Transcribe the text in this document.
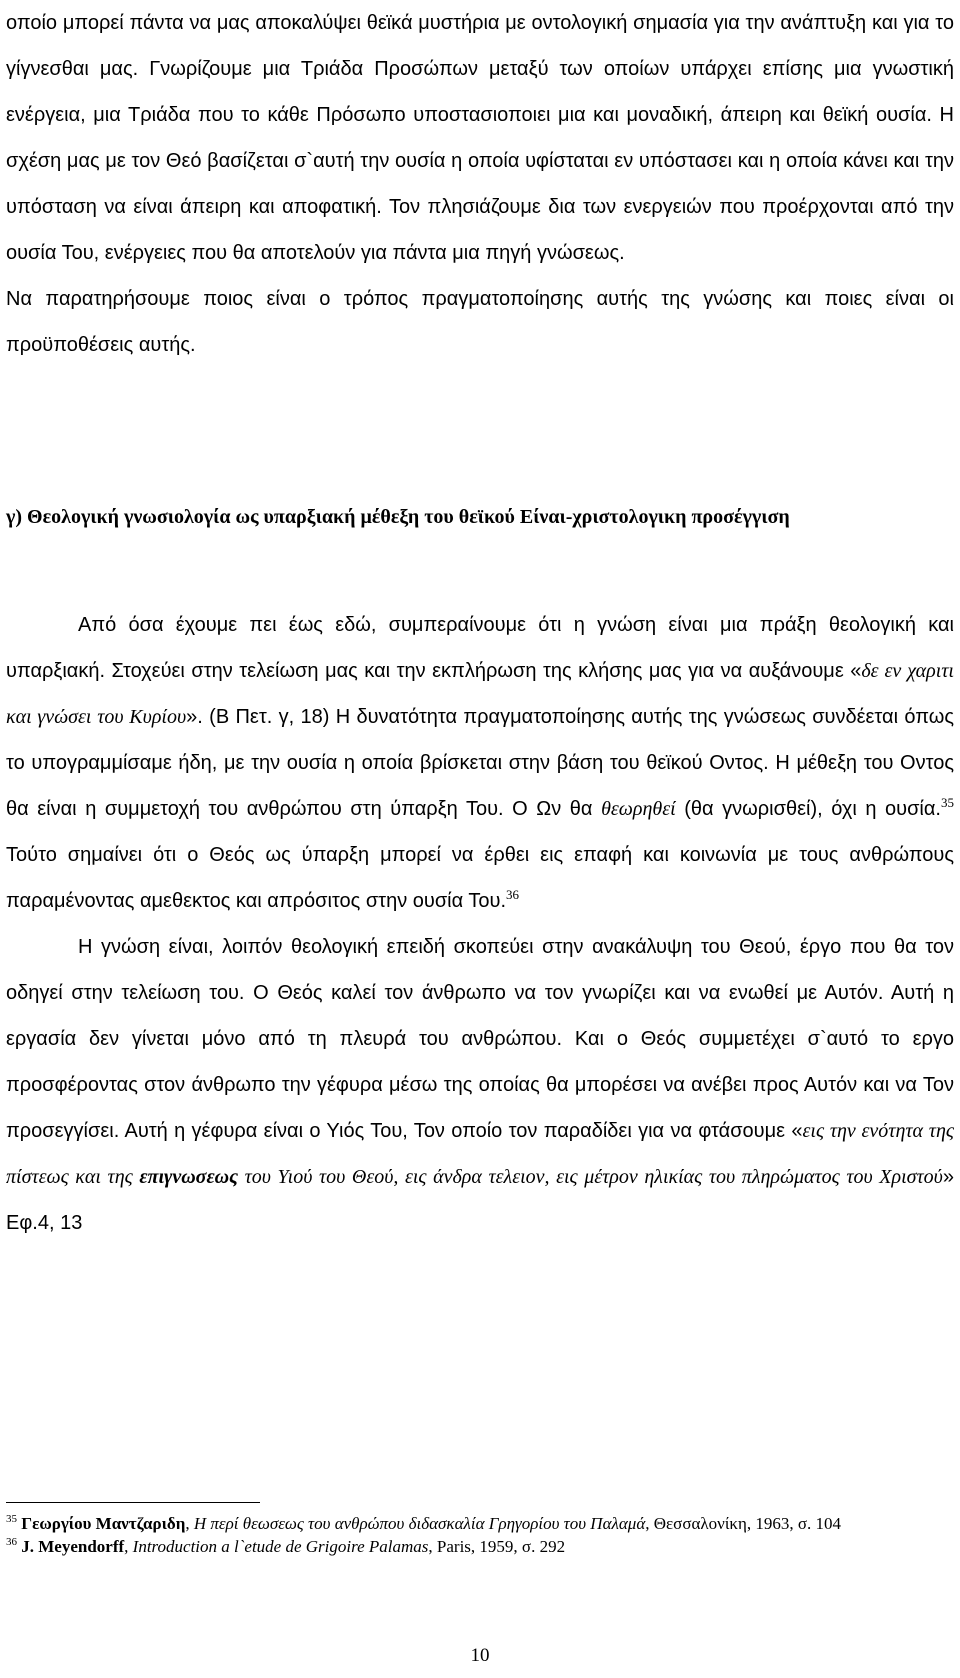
οποίο μπορεί πάντα να μας αποκαλύψει θεϊκά μυστήρια με οντολογική σημασία για την ανάπτυξη και για το γίγνεσθαι μας. Γνωρίζουμε μια Τριάδα Προσώπων μεταξύ των οποίων υπάρχει επίσης μια γνωστική ενέργεια, μια Τριάδα που το κάθε Πρόσωπο υποστασιοποιει μια και μοναδική, άπειρη και θεϊκή ουσία. Η σχέση μας με τον Θεό βασίζεται σ`αυτή την ουσία η οποία υφίσταται εν υπόστασει και η οποία κάνει και την υπόσταση να είναι άπειρη και αποφατική. Τον πλησιάζουμε δια των ενεργειών που προέρχονται από την ουσία Του, ενέργειες που θα αποτελούν για πάντα μια πηγή γνώσεως.
Να παρατηρήσουμε ποιος είναι ο τρόπος πραγματοποίησης αυτής της γνώσης και ποιες είναι οι προϋποθέσεις αυτής.
γ) Θεολογική γνωσιολογία ως υπαρξιακή μέθεξη του θεϊκού Είναι-χριστολογικη προσέγγιση
Από όσα έχουμε πει έως εδώ, συμπεραίνουμε ότι η γνώση είναι μια πράξη θεολογική και υπαρξιακή. Στοχεύει στην τελείωση μας και την εκπλήρωση της κλήσης μας για να αυξάνουμε «δε εν χαριτι και γνώσει του Κυρίου». (Β Πετ. γ, 18) Η δυνατότητα πραγματοποίησης αυτής της γνώσεως συνδέεται όπως το υπογραμμίσαμε ήδη, με την ουσία η οποία βρίσκεται στην βάση του θεϊκού Οντος. Η μέθεξη του Οντος θα είναι η συμμετοχή του ανθρώπου στη ύπαρξη Του. Ο Ων θα θεωρηθεί (θα γνωρισθεί), όχι η ουσία.$^{35}$ Τούτο σημαίνει ότι ο Θεός ως ύπαρξη μπορεί να έρθει εις επαφή και κοινωνία με τους ανθρώπους παραμένοντας αμεθεκτος και απρόσιτος στην ουσία Του.$^{36}$
Η γνώση είναι, λοιπόν θεολογική επειδή σκοπεύει στην ανακάλυψη του Θεού, έργο που θα τον οδηγεί στην τελείωση του. Ο Θεός καλεί τον άνθρωπο να τον γνωρίζει και να ενωθεί με Αυτόν. Αυτή η εργασία δεν γίνεται μόνο από τη πλευρά του ανθρώπου. Και ο Θεός συμμετέχει σ`αυτό το εργο προσφέροντας στον άνθρωπο την γέφυρα μέσω της οποίας θα μπορέσει να ανέβει προς Αυτόν και να Τον προσεγγίσει. Αυτή η γέφυρα είναι ο Υιός Του, Τον οποίο τον παραδίδει για να φτάσουμε «εις την ενότητα της πίστεως και της επιγνωσεως του Υιού του Θεού, εις άνδρα τελειον, εις μέτρον ηλικίας του πληρώματος του Χριστού» Εφ.4, 13
$^{35}$ Γεωργίου Μαντζαριδη, Η περί θεωσεως του ανθρώπου διδασκαλία Γρηγορίου του Παλαμά, Θεσσαλονίκη, 1963, σ. 104
$^{36}$ J. Meyendorff, Introduction a l`etude de Grigoire Palamas, Paris, 1959, σ. 292
10
